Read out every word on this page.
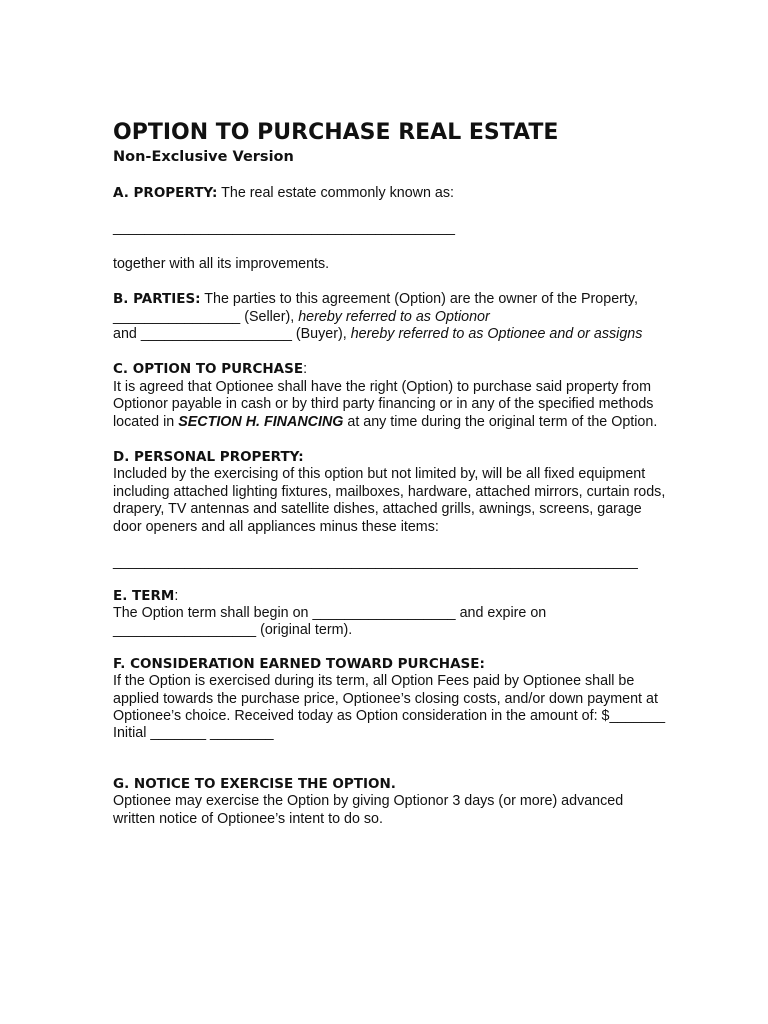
OPTION TO PURCHASE REAL ESTATE
Non-Exclusive Version

A. PROPERTY: The real estate commonly known as:

___________________________________________

together with all its improvements.

B. PARTIES: The parties to this agreement (Option) are the owner of the Property,

________________ (Seller), hereby referred to as Optionor

and ___________________ (Buyer), hereby referred to as Optionee and or assigns

C. OPTION TO PURCHASE:

It is agreed that Optionee shall have the right (Option) to purchase said property from Optionor payable in cash or by third party financing or in any of the specified methods located in SECTION H. FINANCING at any time during the original term of the Option.

D. PERSONAL PROPERTY:

Included by the exercising of this option but not limited by, will be all fixed equipment including attached lighting fixtures, mailboxes, hardware, attached mirrors, curtain rods, drapery, TV antennas and satellite dishes, attached grills, awnings, screens, garage door openers and all appliances minus these items:

__________________________________________________________________

E. TERM:

The Option term shall begin on __________________ and expire on

__________________ (original term).

F. CONSIDERATION EARNED TOWARD PURCHASE:

If the Option is exercised during its term, all Option Fees paid by Optionee shall be applied towards the purchase price, Optionee’s closing costs, and/or down payment at Optionee’s choice. Received today as Option consideration in the amount of: $_______ Initial _______ ________

G. NOTICE TO EXERCISE THE OPTION.

Optionee may exercise the Option by giving Optionor 3 days (or more) advanced written notice of Optionee’s intent to do so.
